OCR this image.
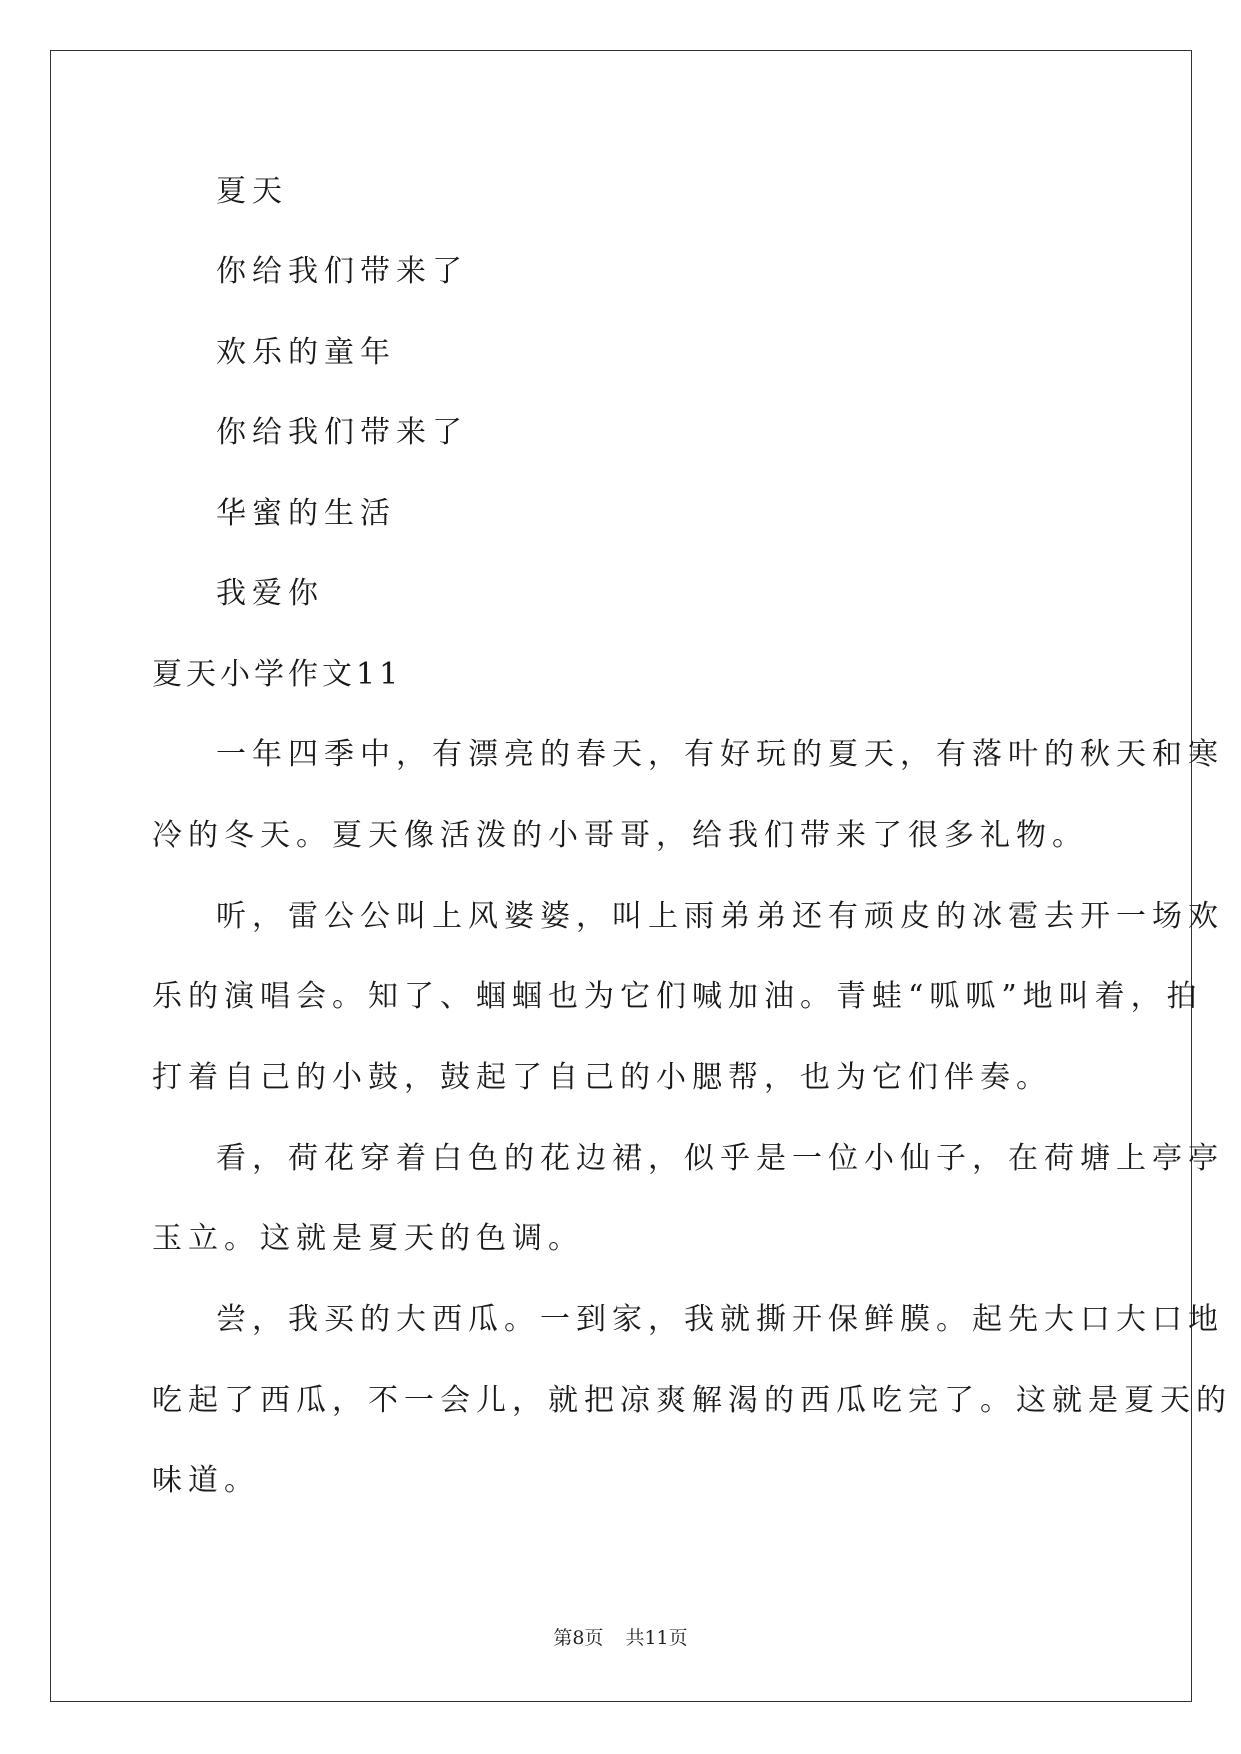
夏天
你给我们带来了
欢乐的童年
你给我们带来了
华蜜的生活
我爱你
夏天小学作文11
一年四季中，有漂亮的春天，有好玩的夏天，有落叶的秋天和寒
冷的冬天。夏天像活泼的小哥哥，给我们带来了很多礼物。
听，雷公公叫上风婆婆，叫上雨弟弟还有顽皮的冰雹去开一场欢
乐的演唱会。知了、蝈蝈也为它们喊加油。青蛙“呱呱”地叫着，拍
打着自己的小鼓，鼓起了自己的小腮帮，也为它们伴奏。
看，荷花穿着白色的花边裙，似乎是一位小仙子，在荷塘上亭亭
玉立。这就是夏天的色调。
尝，我买的大西瓜。一到家，我就撕开保鲜膜。起先大口大口地
吃起了西瓜，不一会儿，就把凉爽解渴的西瓜吃完了。这就是夏天的
味道。
第8页 共11页
